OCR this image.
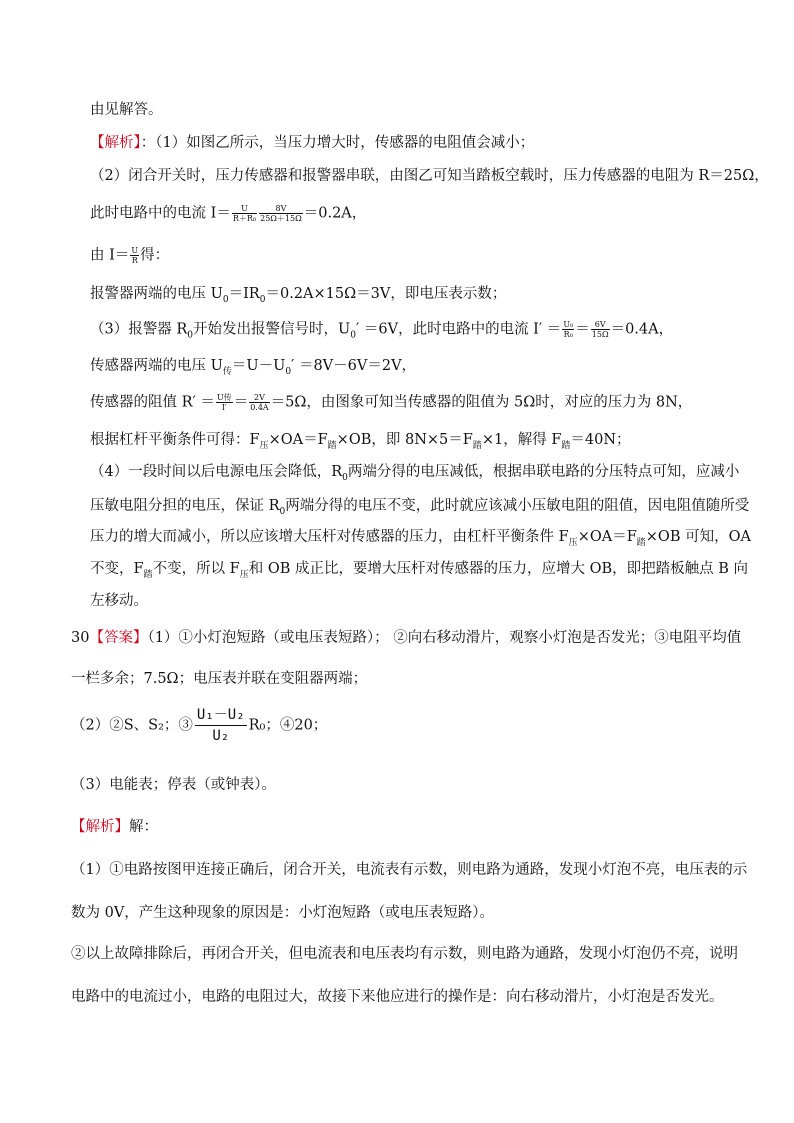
由见解答。
【解析】：（1）如图乙所示，当压力增大时，传感器的电阻值会减小；
（2）闭合开关时，压力传感器和报警器串联，由图乙可知当踏板空载时，压力传感器的电阻为 R＝25Ω，
此时电路中的电流 $I= \frac{U}{\text{R＋R₀}} \frac{8V}{25\Omega+15\Omega} =0.2A$，
由 $I= \frac{U}{R}$ 得：
报警器两端的电压 $U_0=IR_0=0.2A\times 15\Omega=3V$，即电压表示数；
（3）报警器 $R_0$开始发出报警信号时，$U_0' =6V$，此时电路中的电流 $I' = \frac{\text{U₀}}{\text{R₀}} = \frac{6V}{15\Omega} =0.4A$，
传感器两端的电压 $U_传=U-U_0' =8V-6V=2V$，
传感器的阻值 $R' = \frac{\text{U传}}{I'} = \frac{2V}{0.4A} =5\Omega$，由图象可知当传感器的阻值为 5Ω时，对应的压力为 8N，
根据杠杆平衡条件可得：$F_压\times OA=F_踏\times OB$，即 $8N\times 5=F_踏\times 1$，解得 $F_踏=40N$；
（4）一段时间以后电源电压会降低，$R_0$两端分得的电压减低，根据串联电路的分压特点可知，应减小
压敏电阻分担的电压，保证 $R_0$两端分得的电压不变，此时就应该减小压敏电阻的阻值，因电阻值随所受
压力的增大而减小，所以应该增大压杆对传感器的压力，由杠杆平衡条件 $F_压\times OA=F_踏\times OB$ 可知，OA
不变，$F_踏$不变，所以 $F_压$和 OB 成正比，要增大压杆对传感器的压力，应增大 OB，即把踏板触点 B 向
左移动。
30【答案】（1）①小灯泡短路（或电压表短路）； ②向右移动滑片，观察小灯泡是否发光；③电阻平均值
一栏多余；7.5Ω；电压表并联在变阻器两端；
（2）②S、S₂；③ $\frac{\text{U₁－U₂}}{\text{U₂}} R_0$；④20；
（3）电能表；停表（或钟表）。
【解析】解：
（1）①电路按图甲连接正确后，闭合开关，电流表有示数，则电路为通路，发现小灯泡不亮，电压表的示
数为 0V，产生这种现象的原因是：小灯泡短路（或电压表短路）。
②以上故障排除后，再闭合开关，但电流表和电压表均有示数，则电路为通路，发现小灯泡仍不亮，说明
电路中的电流过小，电路的电阻过大，故接下来他应进行的操作是：向右移动滑片，小灯泡是否发光。
